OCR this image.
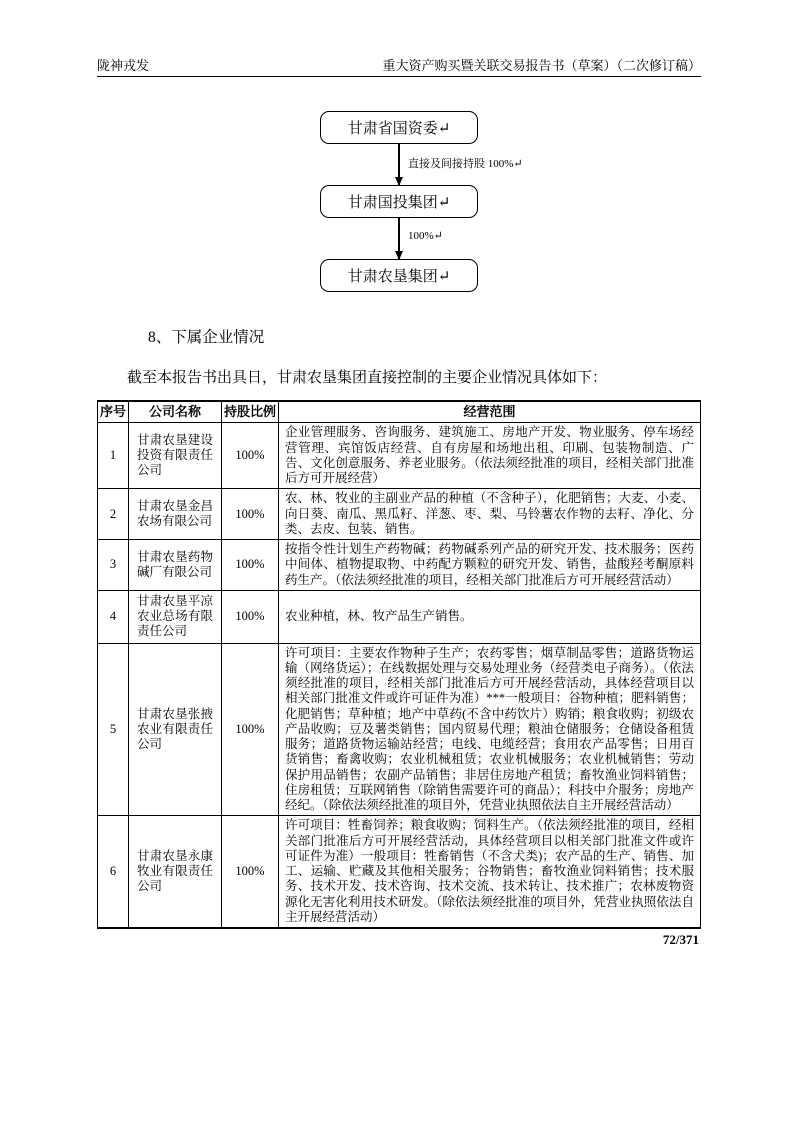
陇神戎发	重大资产购买暨关联交易报告书（草案）（二次修订稿）
甘肃省国资委↵
直接及间接持股 100%↵
甘肃国投集团↵
100%↵
甘肃农垦集团↵
8、下属企业情况
截至本报告书出具日，甘肃农垦集团直接控制的主要企业情况具体如下：
序号	公司名称	持股比例	经营范围
1	甘肃农垦建设投资有限责任公司	100%	企业管理服务、咨询服务、建筑施工、房地产开发、物业服务、停车场经营管理、宾馆饭店经营、自有房屋和场地出租、印刷、包装物制造、广告、文化创意服务、养老业服务。（依法须经批准的项目，经相关部门批准后方可开展经营）
2	甘肃农垦金昌农场有限公司	100%	农、林、牧业的主副业产品的种植（不含种子），化肥销售；大麦、小麦、向日葵、南瓜、黑瓜籽、洋葱、枣、梨、马铃薯农作物的去籽、净化、分类、去皮、包装、销售。
3	甘肃农垦药物碱厂有限公司	100%	按指令性计划生产药物碱；药物碱系列产品的研究开发、技术服务；医药中间体、植物提取物、中药配方颗粒的研究开发、销售，盐酸羟考酮原料药生产。（依法须经批准的项目，经相关部门批准后方可开展经营活动）
4	甘肃农垦平凉农业总场有限责任公司	100%	农业种植，林、牧产品生产销售。
5	甘肃农垦张掖农业有限责任公司	100%	许可项目：主要农作物种子生产；农药零售；烟草制品零售；道路货物运输（网络货运）；在线数据处理与交易处理业务（经营类电子商务）。（依法须经批准的项目，经相关部门批准后方可开展经营活动，具体经营项目以相关部门批准文件或许可证件为准）***一般项目：谷物种植；肥料销售；化肥销售；草种植；地产中草药(不含中药饮片）购销；粮食收购；初级农产品收购；豆及薯类销售；国内贸易代理；粮油仓储服务；仓储设备租赁服务；道路货物运输站经营；电线、电缆经营；食用农产品零售；日用百货销售；畜禽收购；农业机械租赁；农业机械服务；农业机械销售；劳动保护用品销售；农副产品销售；非居住房地产租赁；畜牧渔业饲料销售；住房租赁；互联网销售（除销售需要许可的商品）；科技中介服务；房地产经纪。（除依法须经批准的项目外，凭营业执照依法自主开展经营活动）
6	甘肃农垦永康牧业有限责任公司	100%	许可项目：牲畜饲养；粮食收购；饲料生产。（依法须经批准的项目，经相关部门批准后方可开展经营活动，具体经营项目以相关部门批准文件或许可证件为准）一般项目：牲畜销售（不含犬类)；农产品的生产、销售、加工、运输、贮藏及其他相关服务；谷物销售；畜牧渔业饲料销售；技术服务、技术开发、技术咨询、技术交流、技术转让、技术推广；农林废物资源化无害化利用技术研发。（除依法须经批准的项目外，凭营业执照依法自主开展经营活动）
72/371
